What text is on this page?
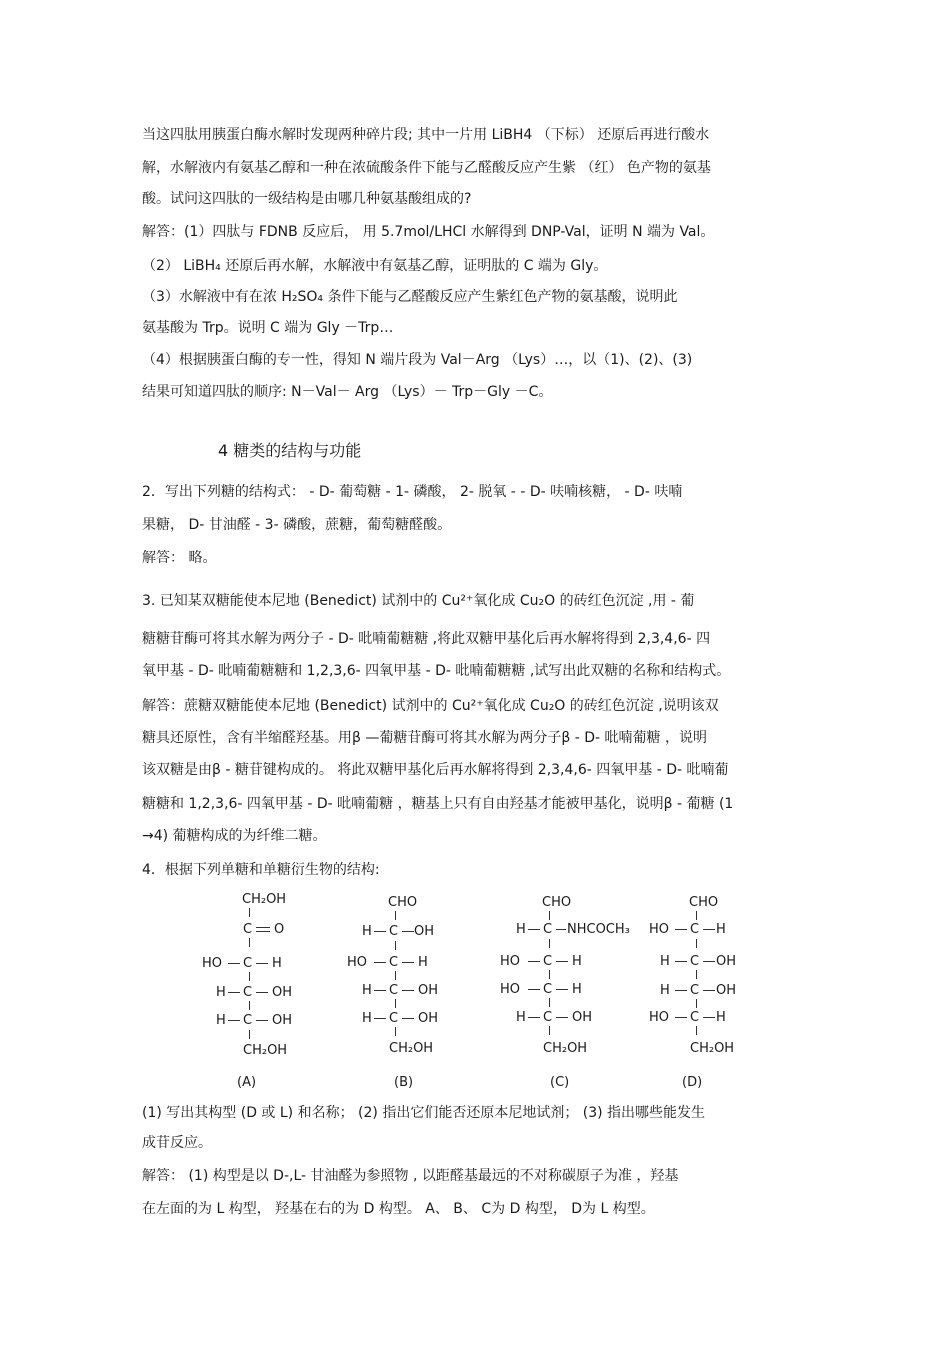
当这四肽用胰蛋白酶水解时发现两种碎片段; 其中一片用 LiBH4 （下标） 还原后再进行酸水
解，水解液内有氨基乙醇和一种在浓硫酸条件下能与乙醛酸反应产生紫 （红） 色产物的氨基
酸。试问这四肽的一级结构是由哪几种氨基酸组成的?
解答：(1）四肽与 FDNB 反应后， 用 5.7mol/LHCl 水解得到 DNP-Val，证明 N 端为 Val。
（2） LiBH₄ 还原后再水解，水解液中有氨基乙醇，证明肽的 C 端为 Gly。
（3）水解液中有在浓 H₂SO₄ 条件下能与乙醛酸反应产生紫红色产物的氨基酸，说明此
氨基酸为 Trp。说明 C 端为 Gly －Trp…
（4）根据胰蛋白酶的专一性，得知 N 端片段为 Val－Arg （Lys）…，以（1)、(2)、(3)
结果可知道四肽的顺序: N－Val－ Arg （Lys）－ Trp－Gly －C。
4 糖类的结构与功能
2．写出下列糖的结构式： - D- 葡萄糖 - 1- 磷酸， 2- 脱氧 - - D- 呋喃核糖， - D- 呋喃
果糖， D- 甘油醛 - 3- 磷酸，蔗糖，葡萄糖醛酸。
解答： 略。
3. 已知某双糖能使本尼地 (Benedict) 试剂中的 Cu²⁺氧化成 Cu₂O 的砖红色沉淀 ,用 - 葡
糖糖苷酶可将其水解为两分子 - D- 吡喃葡糖糖 ,将此双糖甲基化后再水解将得到 2,3,4,6- 四
氧甲基 - D- 吡喃葡糖糖和 1,2,3,6- 四氧甲基 - D- 吡喃葡糖糖 ,试写出此双糖的名称和结构式。
解答：蔗糖双糖能使本尼地 (Benedict) 试剂中的 Cu²⁺氧化成 Cu₂O 的砖红色沉淀 ,说明该双
糖具还原性，含有半缩醛羟基。用β —葡糖苷酶可将其水解为两分子β - D- 吡喃葡糖 ，说明
该双糖是由β - 糖苷键构成的。 将此双糖甲基化后再水解将得到 2,3,4,6- 四氧甲基 - D- 吡喃葡
糖糖和 1,2,3,6- 四氧甲基 - D- 吡喃葡糖 ，糖基上只有自由羟基才能被甲基化，说明β - 葡糖 (1
→4) 葡糖构成的为纤维二糖。
4．根据下列单糖和单糖衍生物的结构:
CH₂OH
C O
HO C H
H C OH
H C OH
CH₂OH
(A)
CHO
H C OH
HO C H
H C OH
H C OH
CH₂OH
(B)
CHO
H C NHCOCH₃
HO C H
HO C H
H C OH
CH₂OH
(C)
CHO
HO C H
H C OH
H C OH
HO C H
CH₂OH
(D)
(1) 写出其构型 (D 或 L) 和名称； (2) 指出它们能否还原本尼地试剂； (3) 指出哪些能发生
成苷反应。
解答： (1) 构型是以 D-,L- 甘油醛为参照物 , 以距醛基最远的不对称碳原子为准 ，羟基
在左面的为 L 构型， 羟基在右的为 D 构型。 A、 B、 C为 D 构型， D为 L 构型。
